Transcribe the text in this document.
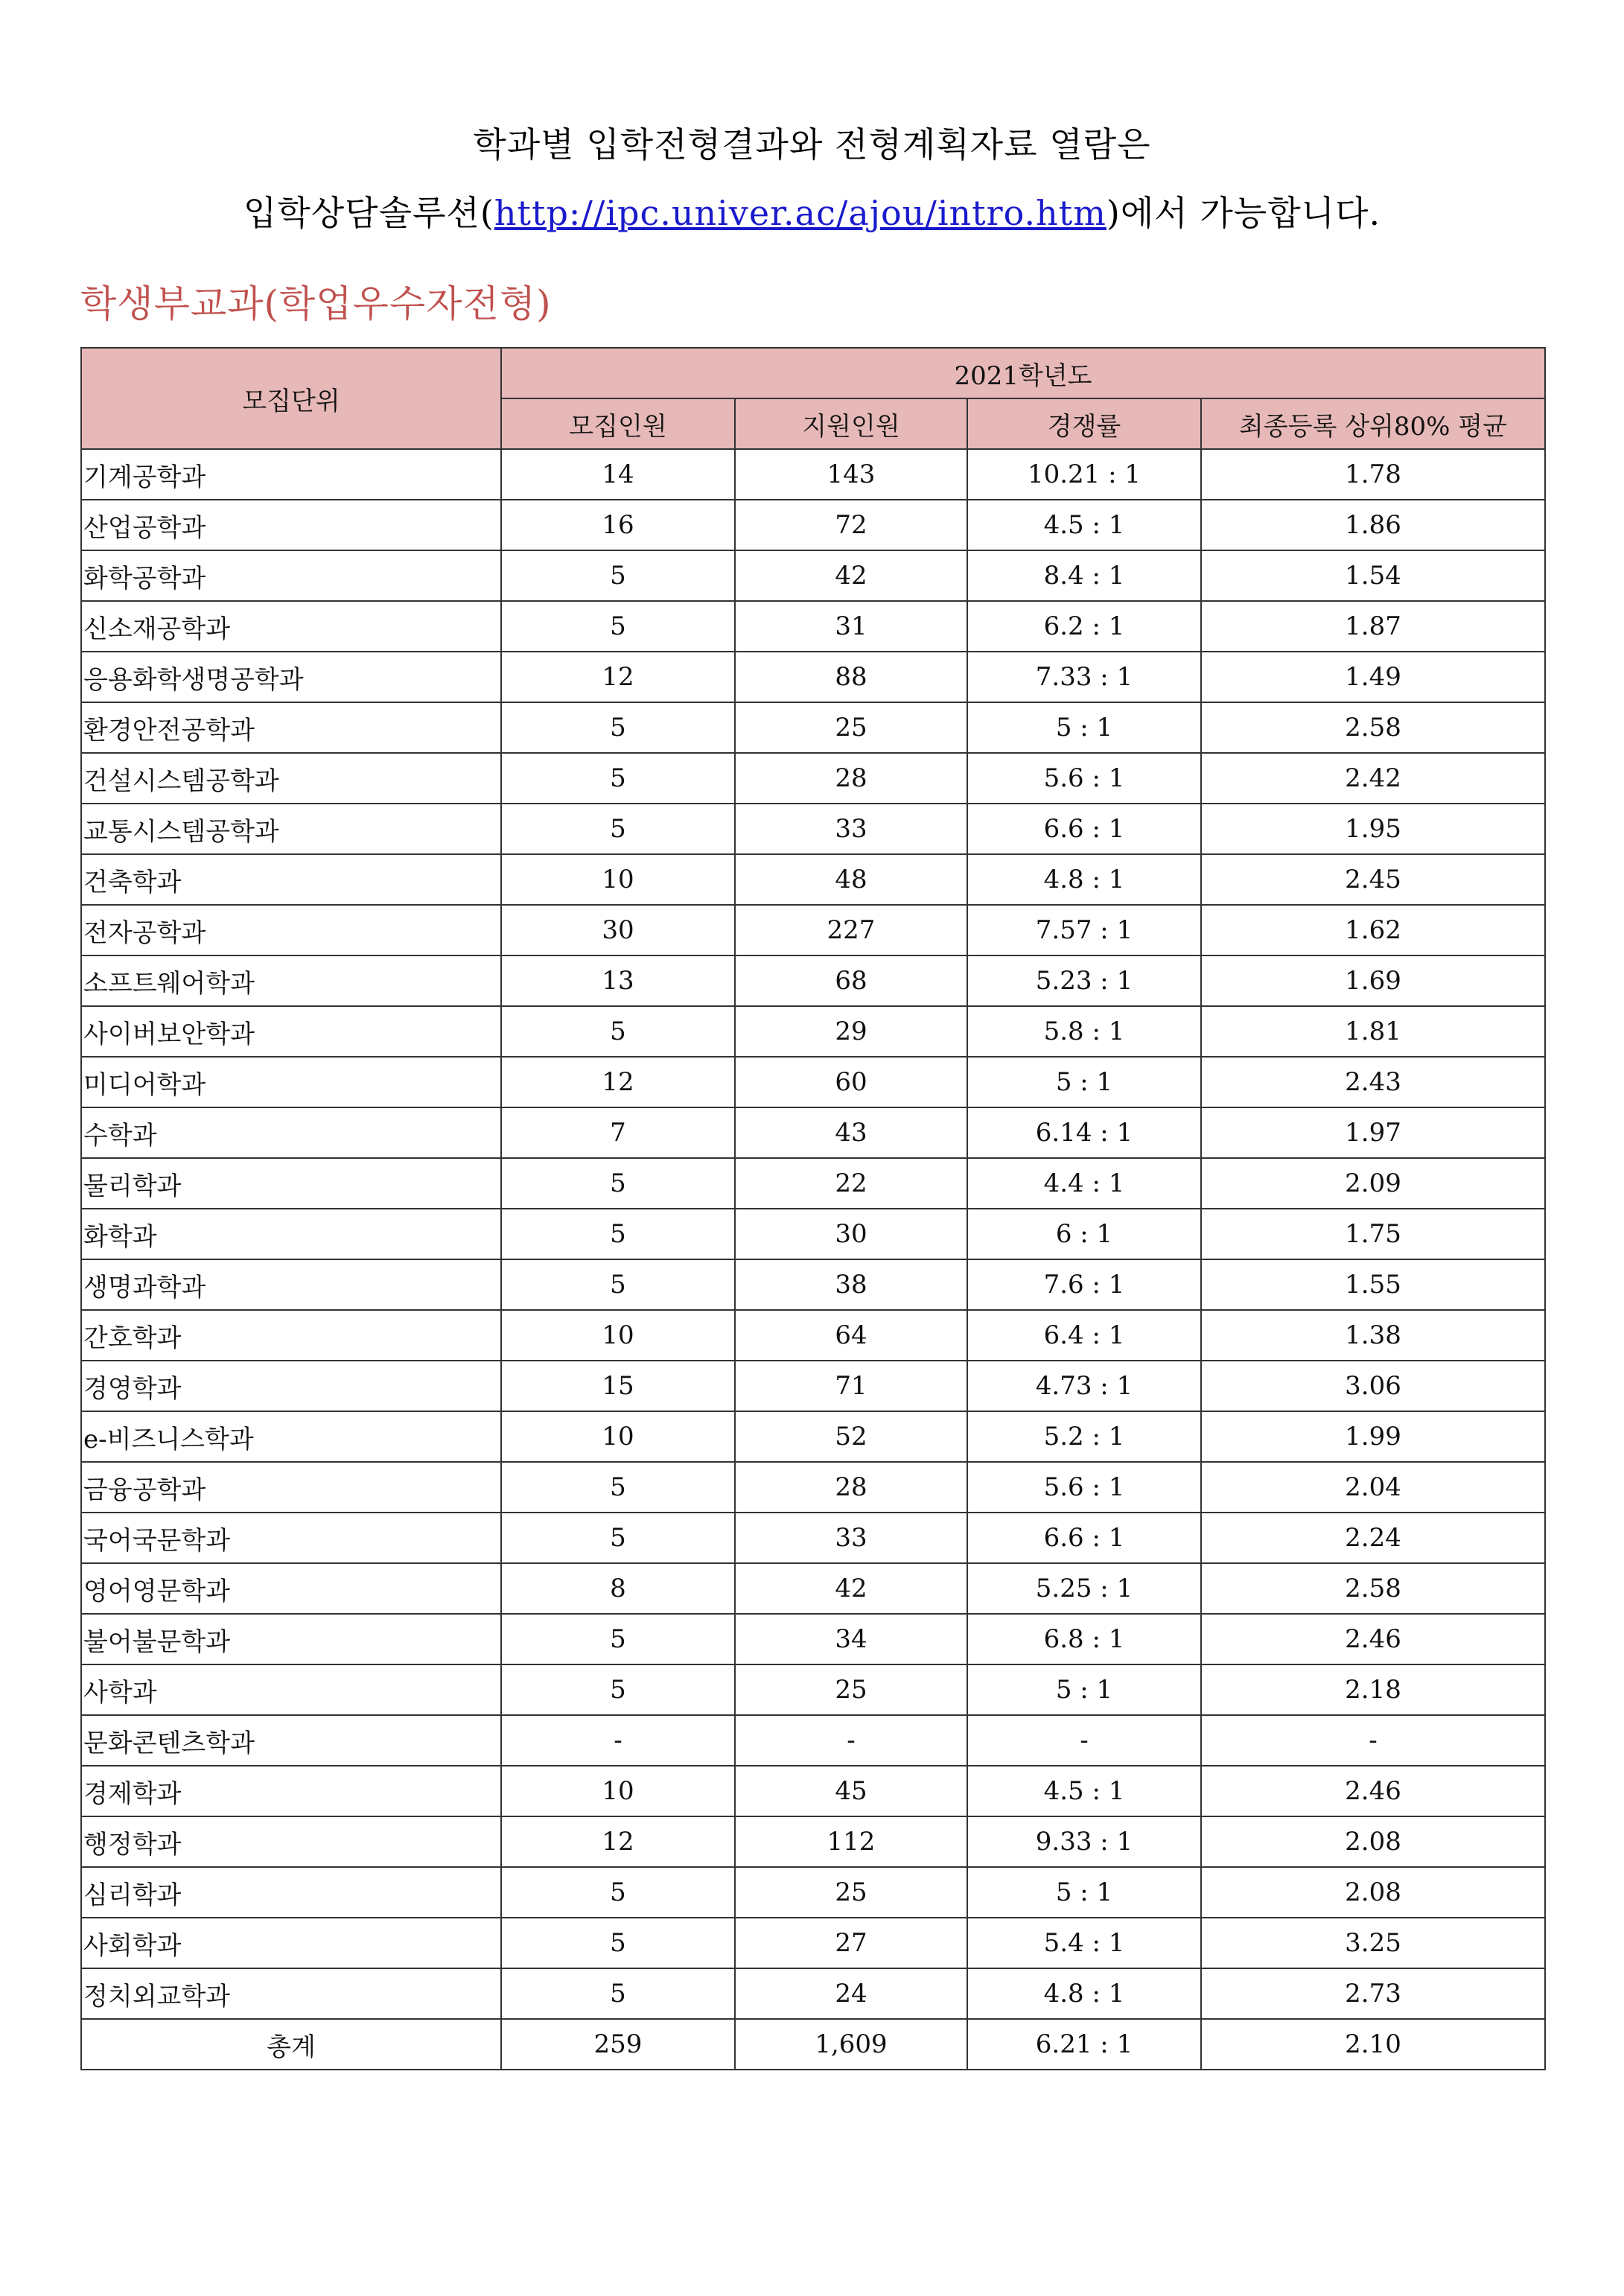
학과별 입학전형결과와 전형계획자료 열람은
입학상담솔루션(http://ipc.univer.ac/ajou/intro.htm)에서 가능합니다.
학생부교과(학업우수자전형)
모집단위	2021학년도			
	모집인원	지원인원	경쟁률	최종등록 상위80% 평균
기계공학과	14	143	10.21 : 1	1.78
산업공학과	16	72	4.5 : 1	1.86
화학공학과	5	42	8.4 : 1	1.54
신소재공학과	5	31	6.2 : 1	1.87
응용화학생명공학과	12	88	7.33 : 1	1.49
환경안전공학과	5	25	5 : 1	2.58
건설시스템공학과	5	28	5.6 : 1	2.42
교통시스템공학과	5	33	6.6 : 1	1.95
건축학과	10	48	4.8 : 1	2.45
전자공학과	30	227	7.57 : 1	1.62
소프트웨어학과	13	68	5.23 : 1	1.69
사이버보안학과	5	29	5.8 : 1	1.81
미디어학과	12	60	5 : 1	2.43
수학과	7	43	6.14 : 1	1.97
물리학과	5	22	4.4 : 1	2.09
화학과	5	30	6 : 1	1.75
생명과학과	5	38	7.6 : 1	1.55
간호학과	10	64	6.4 : 1	1.38
경영학과	15	71	4.73 : 1	3.06
e-비즈니스학과	10	52	5.2 : 1	1.99
금융공학과	5	28	5.6 : 1	2.04
국어국문학과	5	33	6.6 : 1	2.24
영어영문학과	8	42	5.25 : 1	2.58
불어불문학과	5	34	6.8 : 1	2.46
사학과	5	25	5 : 1	2.18
문화콘텐츠학과	-	-	-	-
경제학과	10	45	4.5 : 1	2.46
행정학과	12	112	9.33 : 1	2.08
심리학과	5	25	5 : 1	2.08
사회학과	5	27	5.4 : 1	3.25
정치외교학과	5	24	4.8 : 1	2.73
총계	259	1,609	6.21 : 1	2.10
